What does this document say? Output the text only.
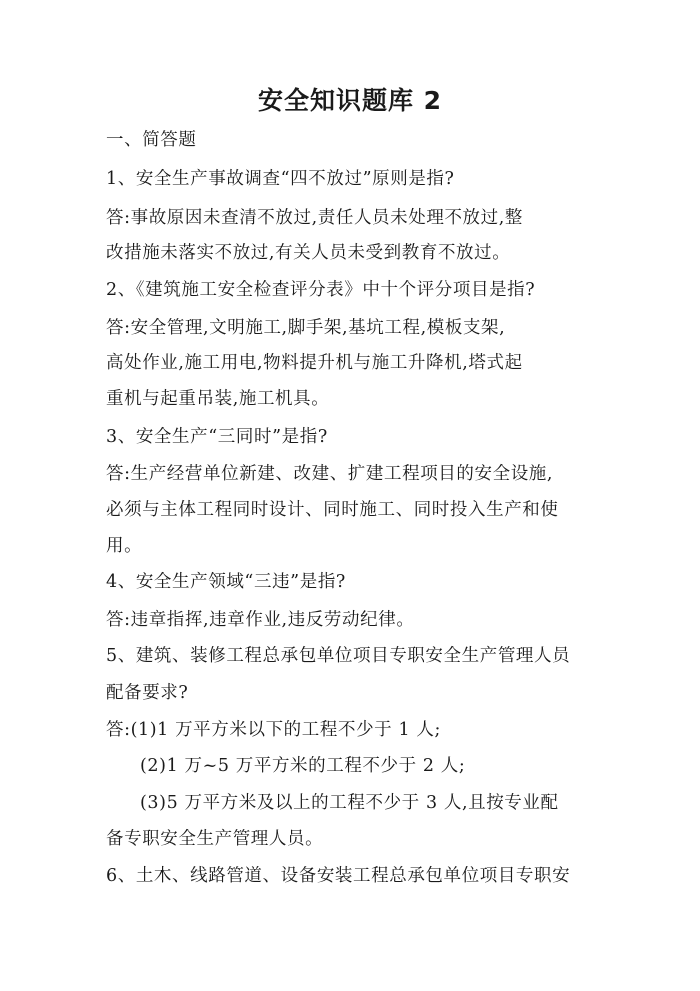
安全知识题库 2
一、简答题
1、安全生产事故调查“四不放过”原则是指?
答:事故原因未查清不放过,责任人员未处理不放过,整
改措施未落实不放过,有关人员未受到教育不放过。
2、《建筑施工安全检查评分表》中十个评分项目是指?
答:安全管理,文明施工,脚手架,基坑工程,模板支架,
高处作业,施工用电,物料提升机与施工升降机,塔式起
重机与起重吊装,施工机具。
3、安全生产“三同时”是指?
答:生产经营单位新建、改建、扩建工程项目的安全设施,
必须与主体工程同时设计、同时施工、同时投入生产和使
用。
4、安全生产领域“三违”是指?
答:违章指挥,违章作业,违反劳动纪律。
5、建筑、装修工程总承包单位项目专职安全生产管理人员
配备要求?
答:(1)1 万平方米以下的工程不少于 1 人;
(2)1 万~5 万平方米的工程不少于 2 人;
(3)5 万平方米及以上的工程不少于 3 人,且按专业配
备专职安全生产管理人员。
6、土木、线路管道、设备安装工程总承包单位项目专职安
